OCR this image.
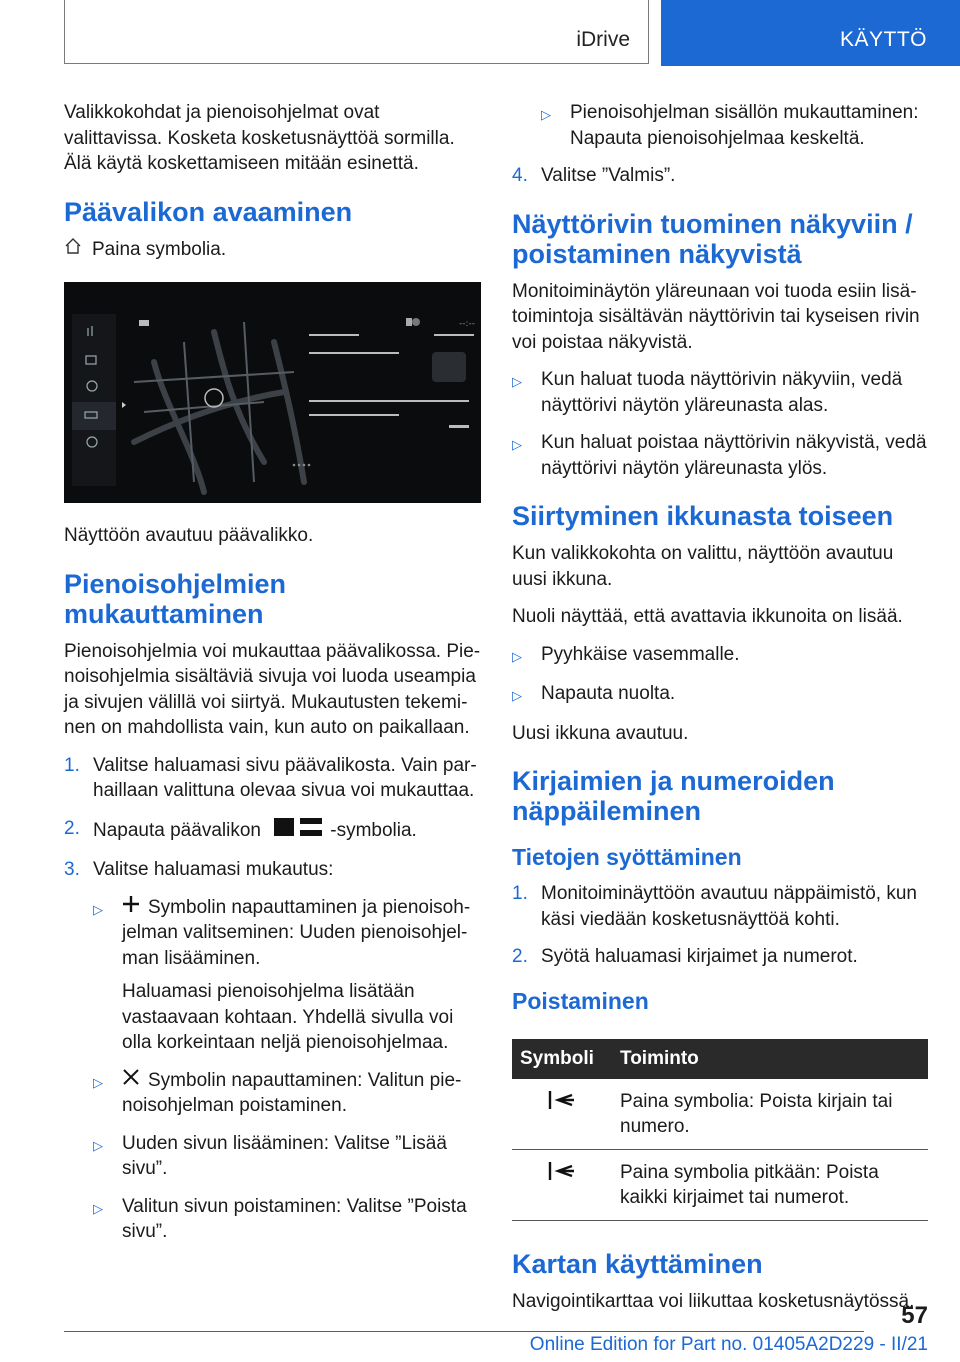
iDrive	KÄYTTÖ

Valikkokohdat ja pienoisohjelmat ovat valittavissa. Kosketa kosketusnäyttöä sormilla. Älä käytä koskettamiseen mitään esinettä.

Päävalikon avaaminen
Paina symbolia.
--:--

Näyttöön avautuu päävalikko.

Pienoisohjelmien mukauttaminen

Pienoisohjelmia voi mukauttaa päävalikossa. Pienoisohjelmia sisältäviä sivuja voi luoda useampia ja sivujen välillä voi siirtyä. Mukautusten tekeminen on mahdollista vain, kun auto on paikallaan.

1. Valitse haluamasi sivu päävalikosta. Vain parhaillaan valittuna olevaa sivua voi mukauttaa.
2. Napauta päävalikon	-symbolia.
3. Valitse haluamasi mukautus:
▷	Symbolin napauttaminen ja pienoisohjelman valitseminen: Uuden pienoisohjelman lisääminen.

Haluamasi pienoisohjelma lisätään vastaavaan kohtaan. Yhdellä sivulla voi olla korkeintaan neljä pienoisohjelmaa.

▷	Symbolin napauttaminen: Valitun pienoisohjelman poistaminen.
▷	Uuden sivun lisääminen: Valitse ”Lisää sivu”.
▷	Valitun sivun poistaminen: Valitse ”Poista sivu”.
▷	Pienoisohjelman sisällön mukauttaminen: Napauta pienoisohjelmaa keskeltä.
4. Valitse ”Valmis”.
Näyttörivin tuominen näkyviin / poistaminen näkyvistä

Monitoiminäytön yläreunaan voi tuoda esiin lisätoimintoja sisältävän näyttörivin tai kyseisen rivin voi poistaa näkyvistä.

▷	Kun haluat tuoda näyttörivin näkyviin, vedä näyttörivi näytön yläreunasta alas.
▷	Kun haluat poistaa näyttörivin näkyvistä, vedä näyttörivi näytön yläreunasta ylös.
Siirtyminen ikkunasta toiseen

Kun valikkokohta on valittu, näyttöön avautuu uusi ikkuna.

Nuoli näyttää, että avattavia ikkunoita on lisää.

▷	Pyyhkäise vasemmalle.
▷	Napauta nuolta.

Uusi ikkuna avautuu.

Kirjaimien ja numeroiden näppäileminen
Tietojen syöttäminen
1. Monitoiminäyttöön avautuu näppäimistö, kun käsi viedään kosketusnäyttöä kohti.
2. Syötä haluamasi kirjaimet ja numerot.
Poistaminen
Symboli	Toiminto
	Paina symbolia: Poista kirjain tai numero.
	Paina symbolia pitkään: Poista kaikki kirjaimet tai numerot.
Kartan käyttäminen

Navigointikarttaa voi liikuttaa kosketusnäytössä.

57
Online Edition for Part no. 01405A2D229 - II/21
